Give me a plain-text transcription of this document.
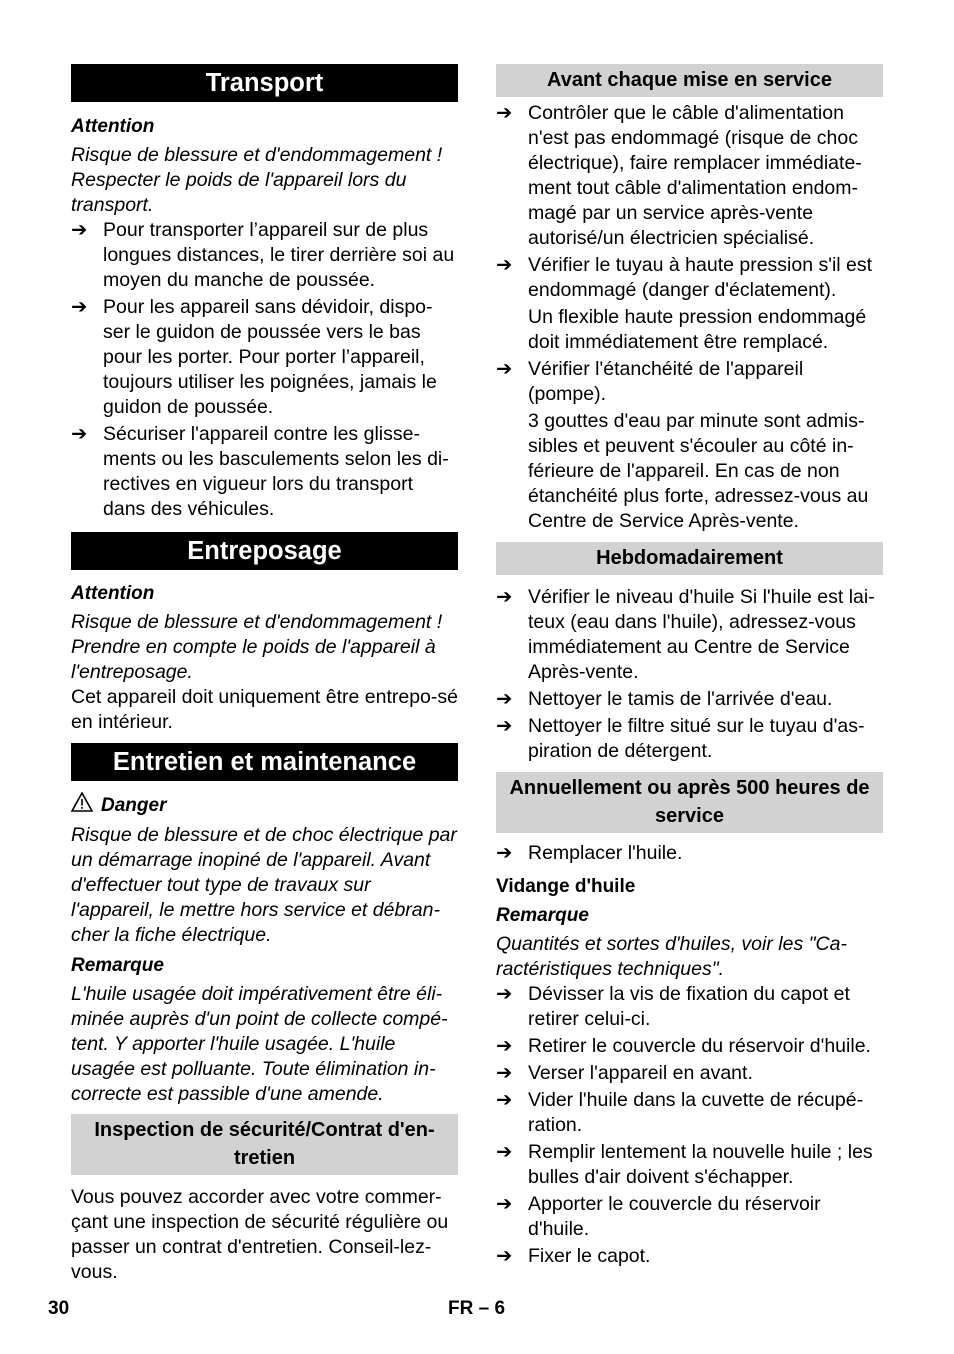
Transport
Attention
Risque de blessure et d'endommagement ! Respecter le poids de l'appareil lors du transport.
➔ Pour transporter l’appareil sur de plus longues distances, le tirer derrière soi au moyen du manche de poussée.
➔ Pour les appareil sans dévidoir, dispo-ser le guidon de poussée vers le bas pour les porter. Pour porter l’appareil, toujours utiliser les poignées, jamais le guidon de poussée.
➔ Sécuriser l'appareil contre les glisse-ments ou les basculements selon les di-rectives en vigueur lors du transport dans des véhicules.
Entreposage
Attention
Risque de blessure et d'endommagement ! Prendre en compte le poids de l'appareil à l'entreposage.
Cet appareil doit uniquement être entrepo-sé en intérieur.
Entretien et maintenance
Danger
Risque de blessure et de choc électrique par un démarrage inopiné de l'appareil. Avant d'effectuer tout type de travaux sur l'appareil, le mettre hors service et débran-cher la fiche électrique.
Remarque
L'huile usagée doit impérativement être éli-minée auprès d'un point de collecte compé-tent. Y apporter l'huile usagée. L'huile usagée est polluante. Toute élimination in-correcte est passible d'une amende.
Inspection de sécurité/Contrat d'en-tretien
Vous pouvez accorder avec votre commer-çant une inspection de sécurité régulière ou passer un contrat d'entretien. Conseil-lez-vous.
Avant chaque mise en service
➔ Contrôler que le câble d'alimentation n'est pas endommagé (risque de choc électrique), faire remplacer immédiate-ment tout câble d'alimentation endom-magé par un service après-vente autorisé/un électricien spécialisé.
➔ Vérifier le tuyau à haute pression s'il est endommagé (danger d'éclatement).
Un flexible haute pression endommagé doit immédiatement être remplacé.
➔ Vérifier l'étanchéité de l'appareil (pompe).
3 gouttes d'eau par minute sont admis-sibles et peuvent s'écouler au côté in-férieure de l'appareil. En cas de non étanchéité plus forte, adressez-vous au Centre de Service Après-vente.
Hebdomadairement
➔ Vérifier le niveau d'huile Si l'huile est lai-teux (eau dans l'huile), adressez-vous immédiatement au Centre de Service Après-vente.
➔ Nettoyer le tamis de l'arrivée d'eau.
➔ Nettoyer le filtre situé sur le tuyau d'as-piration de détergent.
Annuellement ou après 500 heures de service
➔ Remplacer l'huile.
Vidange d'huile
Remarque
Quantités et sortes d'huiles, voir les "Ca-ractéristiques techniques".
➔ Dévisser la vis de fixation du capot et retirer celui-ci.
➔ Retirer le couvercle du réservoir d'huile.
➔ Verser l'appareil en avant.
➔ Vider l'huile dans la cuvette de récupé-ration.
➔ Remplir lentement la nouvelle huile ; les bulles d'air doivent s'échapper.
➔ Apporter le couvercle du réservoir d'huile.
➔ Fixer le capot.
30	FR – 6
